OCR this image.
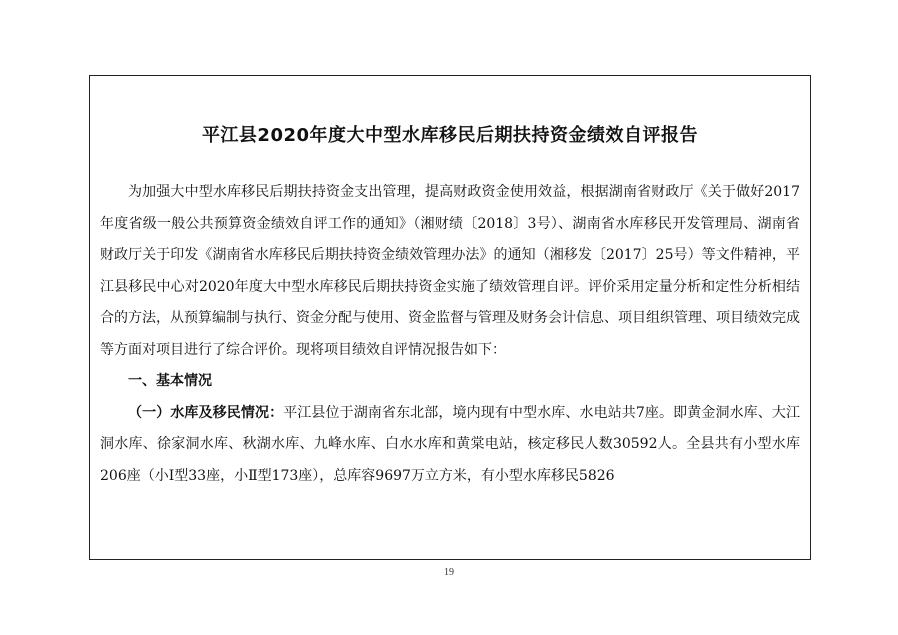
平江县2020年度大中型水库移民后期扶持资金绩效自评报告

为加强大中型水库移民后期扶持资金支出管理，提高财政资金使用效益，根据湖南省财政厅《关于做好2017年度省级一般公共预算资金绩效自评工作的通知》（湘财绩〔2018〕3号）、湖南省水库移民开发管理局、湖南省财政厅关于印发《湖南省水库移民后期扶持资金绩效管理办法》的通知（湘移发〔2017〕25号）等文件精神，平江县移民中心对2020年度大中型水库移民后期扶持资金实施了绩效管理自评。评价采用定量分析和定性分析相结合的方法，从预算编制与执行、资金分配与使用、资金监督与管理及财务会计信息、项目组织管理、项目绩效完成等方面对项目进行了综合评价。现将项目绩效自评情况报告如下：

一、基本情况

（一）水库及移民情况：平江县位于湖南省东北部，境内现有中型水库、水电站共7座。即黄金洞水库、大江洞水库、徐家洞水库、秋湖水库、九峰水库、白水水库和黄棠电站，核定移民人数30592人。全县共有小型水库206座（小Ⅰ型33座，小Ⅱ型173座），总库容9697万立方米，有小型水库移民5826

19
